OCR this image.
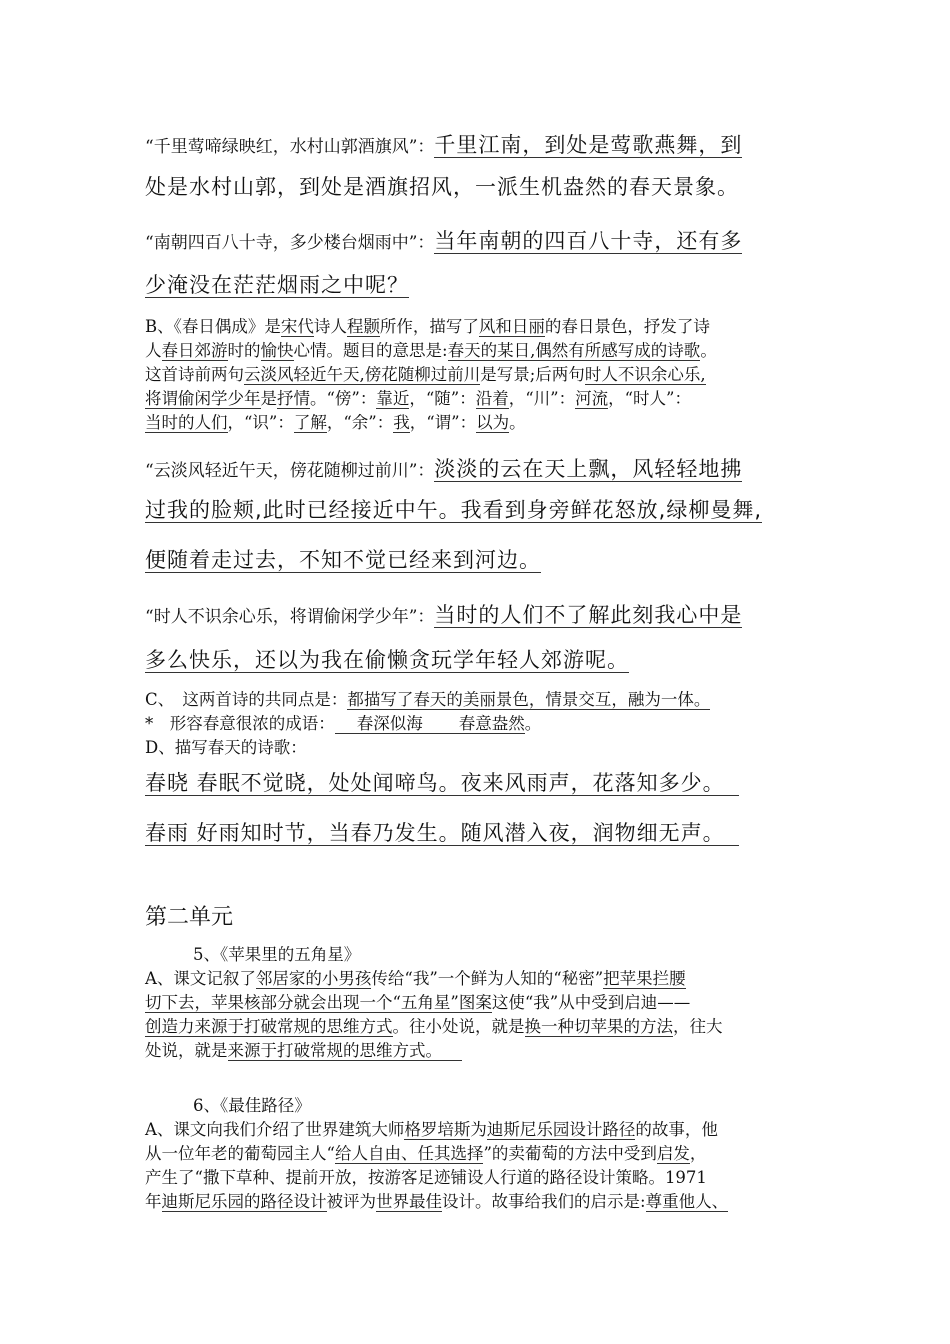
“千里莺啼绿映红，水村山郭酒旗风”：千里江南，到处是莺歌燕舞，到
处是水村山郭，到处是酒旗招风，一派生机盎然的春天景象。
“南朝四百八十寺，多少楼台烟雨中”：当年南朝的四百八十寺，还有多
少淹没在茫茫烟雨之中呢？

B、《春日偶成》是宋代诗人程颢所作，描写了风和日丽的春日景色，抒发了诗

人春日郊游时的愉快心情。题目的意思是:春天的某日,偶然有所感写成的诗歌。

这首诗前两句云淡风轻近午天,傍花随柳过前川是写景;后两句时人不识余心乐,

将谓偷闲学少年是抒情。“傍”：靠近，“随”：沿着，“川”：河流，“时人”：

当时的人们，“识”：了解，“余”：我，“谓”：以为。

“云淡风轻近午天，傍花随柳过前川”：淡淡的云在天上飘，风轻轻地拂
过我的脸颊,此时已经接近中午。我看到身旁鲜花怒放,绿柳曼舞,
便随着走过去，不知不觉已经来到河边。
“时人不识余心乐，将谓偷闲学少年”：当时的人们不了解此刻我心中是
多么快乐，还以为我在偷懒贪玩学年轻人郊游呢。

C、　这两首诗的共同点是：都描写了春天的美丽景色，情景交互，融为一体。

*　形容春意很浓的成语： 春深似海 春意盎然。

D、描写春天的诗歌：

春晓 春眠不觉晓，处处闻啼鸟。夜来风雨声，花落知多少。
春雨 好雨知时节，当春乃发生。随风潜入夜，润物细无声。
第二单元

5、《苹果里的五角星》

A、课文记叙了邻居家的小男孩传给“我”一个鲜为人知的“秘密”把苹果拦腰

切下去，苹果核部分就会出现一个“五角星”图案这使“我”从中受到启迪——

创造力来源于打破常规的思维方式。往小处说，就是换一种切苹果的方法，往大

处说，就是来源于打破常规的思维方式。

6、《最佳路径》

A、课文向我们介绍了世界建筑大师格罗培斯为迪斯尼乐园设计路径的故事，他

从一位年老的葡萄园主人“给人自由、任其选择”的卖葡萄的方法中受到启发，

产生了“撒下草种、提前开放，按游客足迹铺设人行道的路径设计策略。1971

年迪斯尼乐园的路径设计被评为世界最佳设计。故事给我们的启示是:尊重他人、
